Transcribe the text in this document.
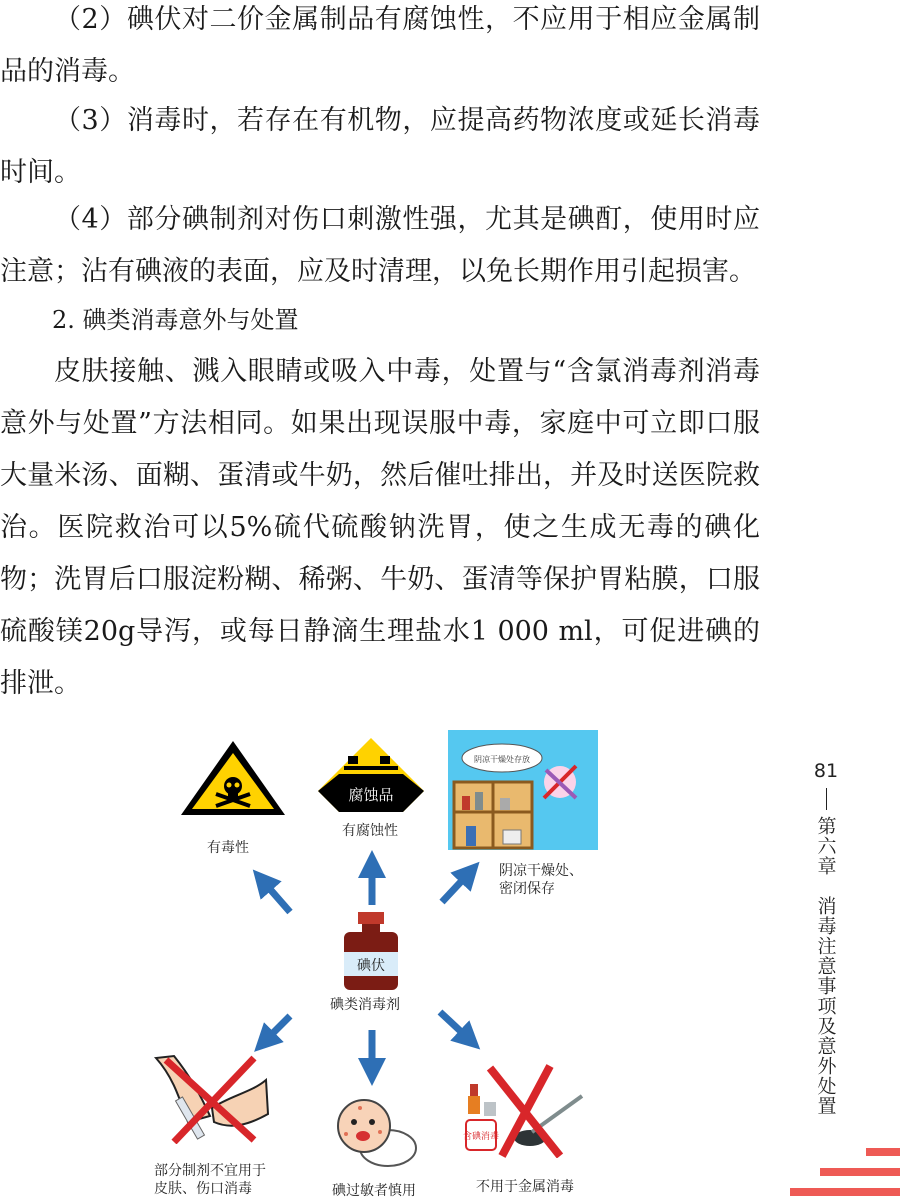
（2）碘伏对二价金属制品有腐蚀性，不应用于相应金属制品的消毒。

（3）消毒时，若存在有机物，应提高药物浓度或延长消毒时间。

（4）部分碘制剂对伤口刺激性强，尤其是碘酊，使用时应注意；沾有碘液的表面，应及时清理，以免长期作用引起损害。

2. 碘类消毒意外与处置

皮肤接触、溅入眼睛或吸入中毒，处置与“含氯消毒剂消毒意外与处置”方法相同。如果出现误服中毒，家庭中可立即口服大量米汤、面糊、蛋清或牛奶，然后催吐排出，并及时送医院救治。医院救治可以5%硫代硫酸钠洗胃，使之生成无毒的碘化物；洗胃后口服淀粉糊、稀粥、牛奶、蛋清等保护胃粘膜，口服硫酸镁20g导泻，或每日静滴生理盐水1 000 ml，可促进碘的排泄。

有毒性
腐蚀品
有腐蚀性
阴凉干燥处存放
阴凉干燥处、
密闭保存
碘伏
碘类消毒剂
部分制剂不宜用于
皮肤、伤口消毒	碘过敏者慎用
含碘消毒
不用于金属消毒
81
第六章　消毒注意事项及意外处置
